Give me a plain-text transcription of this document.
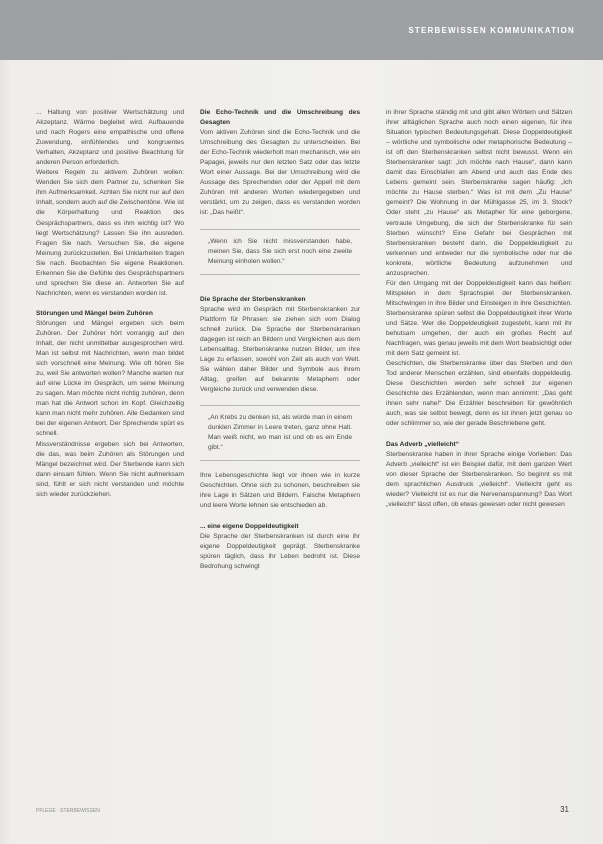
STERBEWISSEN KOMMUNIKATION

... Haltung von positiver Wertschätzung und Akzeptanz. Wärme begleitet wird. Aufbauende und nach Rogers eine empathische und offene Zuwendung, einfühlendes und kongruentes Verhalten, Akzeptanz und positive Beachtung für anderen Person erforderlich.

Weitere Regeln zu aktivem Zuhören wollen: Wenden Sie sich dem Partner zu, schenken Sie ihm Aufmerksamkeit. Achten Sie nicht nur auf den Inhalt, sondern auch auf die Zwischentöne. Wie ist die Körperhaltung und Reaktion des Gesprächspartners, dass es ihm wichtig ist? Wo liegt Wertschätzung? Lassen Sie ihn ausreden. Fragen Sie nach. Versuchen Sie, die eigene Meinung zurückzustellen. Bei Unklarheiten fragen Sie nach. Beobachten Sie eigene Reaktionen. Erkennen Sie die Gefühle des Gesprächspartners und sprechen Sie diese an. Antworten Sie auf Nachrichten, wenn es verstanden worden ist.

Störungen und Mängel beim Zuhören

Störungen und Mängel ergeben sich beim Zuhören. Der Zuhörer hört vorrangig auf den Inhalt, der nicht unmittelbar ausgesprochen wird. Man ist selbst mit Nachrichten, wenn man bildet sich vorschnell eine Meinung. Wie oft hören Sie zu, weil Sie antworten wollen? Manche warten nur auf eine Lücke im Gespräch, um seine Meinung zu sagen. Man möchte nicht richtig zuhören, denn man hat die Antwort schon im Kopf. Gleichzeitig kann man nicht mehr zuhören. Alle Gedanken sind bei der eigenen Antwort. Der Sprechende spürt es schnell.

Missverständnisse ergeben sich bei Antworten, die das, was beim Zuhören als Störungen und Mängel bezeichnet wird. Der Sterbende kann sich dann einsam fühlen. Wenn Sie nicht aufmerksam sind, fühlt er sich nicht verstanden und möchte sich wieder zurückziehen.

Die Echo-Technik und die Umschreibung des Gesagten

Vom aktiven Zuhören sind die Echo-Technik und die Umschreibung des Gesagten zu unterscheiden. Bei der Echo-Technik wiederholt man mechanisch, wie ein Papagei, jeweils nur den letzten Satz oder das letzte Wort einer Aussage. Bei der Umschreibung wird die Aussage des Sprechenden oder der Appell mit dem Zuhören mit anderen Worten wiedergegeben und verstärkt, um zu zeigen, dass es verstanden worden ist: „Das heißt“.

„Wenn ich Sie nicht missverstanden habe, meinen Sie, dass Sie sich erst noch eine zweite Meinung einholen wollen.“

Die Sprache der Sterbenskranken

Sprache wird im Gespräch mit Sterbenskranken zur Plattform für Phrasen: sie ziehen sich vom Dialog schnell zurück. Die Sprache der Sterbenskranken dagegen ist reich an Bildern und Vergleichen aus dem Lebensalltag. Sterbenskranke nutzen Bilder, um ihre Lage zu erfassen, sowohl von Zeit als auch von Welt. Sie wählen daher Bilder und Symbole aus ihrem Alltag, greifen auf bekannte Metaphern oder Vergleiche zurück und verwenden diese.

„An Krebs zu denken ist, als würde man in einem dunklen Zimmer in Leere treten, ganz ohne Halt. Man weiß nicht, wo man ist und ob es ein Ende gibt.“

Ihre Lebensgeschichte liegt vor ihnen wie in kurze Geschichten. Ohne sich zu schonen, beschreiben sie ihre Lage in Sätzen und Bildern. Falsche Metaphern und leere Worte lehnen sie entschieden ab.

... eine eigene Doppeldeutigkeit

Die Sprache der Sterbenskranken ist durch eine ihr eigene Doppeldeutigkeit geprägt. Sterbenskranke spüren täglich, dass ihr Leben bedroht ist. Diese Bedrohung schwingt

in ihrer Sprache ständig mit und gibt allen Wörtern und Sätzen ihrer alltäglichen Sprache auch noch einen eigenen, für ihre Situation typischen Bedeutungsgehalt. Diese Doppeldeutigkeit – wörtliche und symbolische oder metaphorische Bedeutung – ist oft den Sterbenskranken selbst nicht bewusst. Wenn ein Sterbenskranker sagt: „Ich möchte nach Hause“, dann kann damit das Einschlafen am Abend und auch das Ende des Lebens gemeint sein. Sterbenskranke sagen häufig: „Ich möchte zu Hause sterben.“ Was ist mit dem „Zu Hause“ gemeint? Die Wohnung in der Mühlgasse 25, im 3. Stock? Oder steht „zu Hause“ als Metapher für eine geborgene, vertraute Umgebung, die sich der Sterbenskranke für sein Sterben wünscht? Eine Gefahr bei Gesprächen mit Sterbenskranken besteht darin, die Doppeldeutigkeit zu verkennen und entweder nur die symbolische oder nur die konkrete, wörtliche Bedeutung aufzunehmen und anzusprechen.

Für den Umgang mit der Doppeldeutigkeit kann das heißen: Mitspielen in dem Sprachspiel der Sterbenskranken. Mitschwingen in ihre Bilder und Einsteigen in ihre Geschichten. Sterbenskranke spüren selbst die Doppeldeutigkeit ihrer Worte und Sätze. Wer die Doppeldeutigkeit zugesteht, kann mit ihr behutsam umgehen, der auch ein großes Recht auf Nachfragen, was genau jeweils mit dem Wort beabsichtigt oder mit dem Satz gemeint ist.

Geschichten, die Sterbenskranke über das Sterben und den Tod anderer Menschen erzählen, sind ebenfalls doppeldeutig. Diese Geschichten werden sehr schnell zur eigenen Geschichte des Erzählenden, wenn man annimmt: „Das geht ihnen sehr nahe!“ Die Erzähler beschreiben für gewöhnlich auch, was sie selbst bewegt, denn es ist ihnen jetzt genau so oder schlimmer so, wie der gerade Beschriebene geht.

Das Adverb „vielleicht“

Sterbenskranke haben in ihrer Sprache einige Vorlieben: Das Adverb „vielleicht“ ist ein Beispiel dafür, mit dem ganzen Wert von dieser Sprache der Sterbenskranken. So beginnt es mit dem sprachlichen Ausdruck „vielleicht“. Vielleicht geht es wieder? Vielleicht ist es nur die Nervenanspannung? Das Wort „vielleicht“ lässt offen, ob etwas gewesen oder nicht gewesen

PFLEGE · STERBEWISSEN	31
